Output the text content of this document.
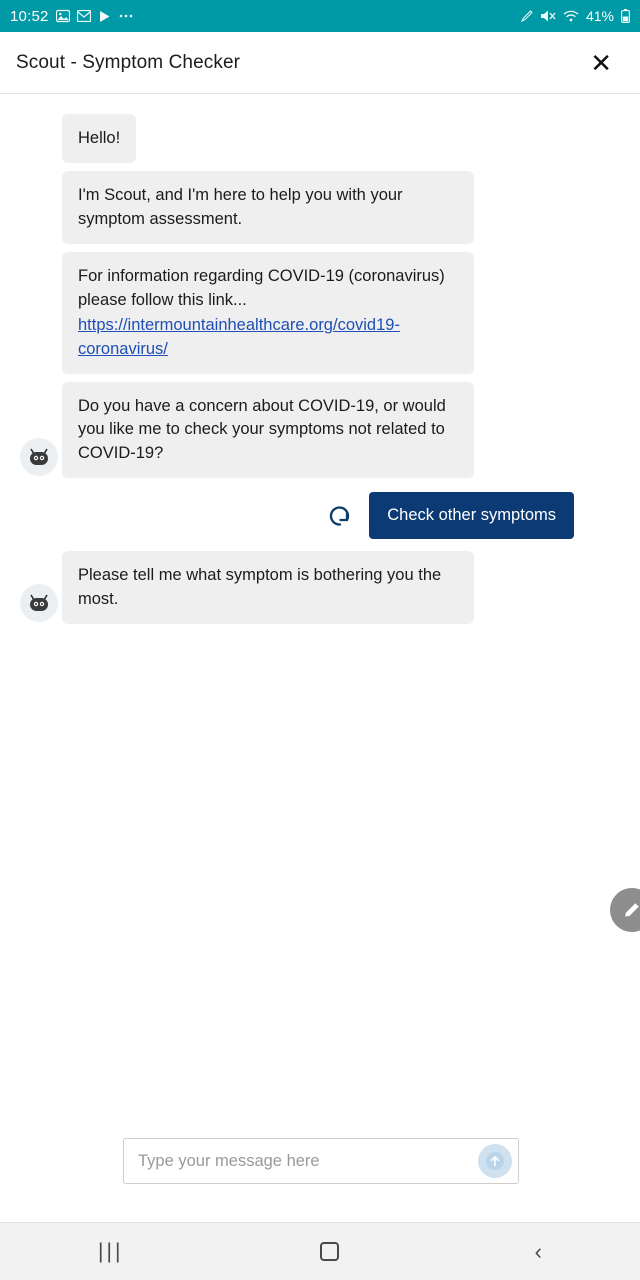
10:52	41%
Scout - Symptom Checker	✕
Hello!
I'm Scout, and I'm here to help you with your symptom assessment.
For information regarding COVID-19 (coronavirus) please follow this link...
https://intermountainhealthcare.org/covid19-coronavirus/
Do you have a concern about COVID-19, or would you like me to check your symptoms not related to COVID-19?
Check other symptoms
Please tell me what symptom is bothering you the most.
Type your message here
|||	‹
